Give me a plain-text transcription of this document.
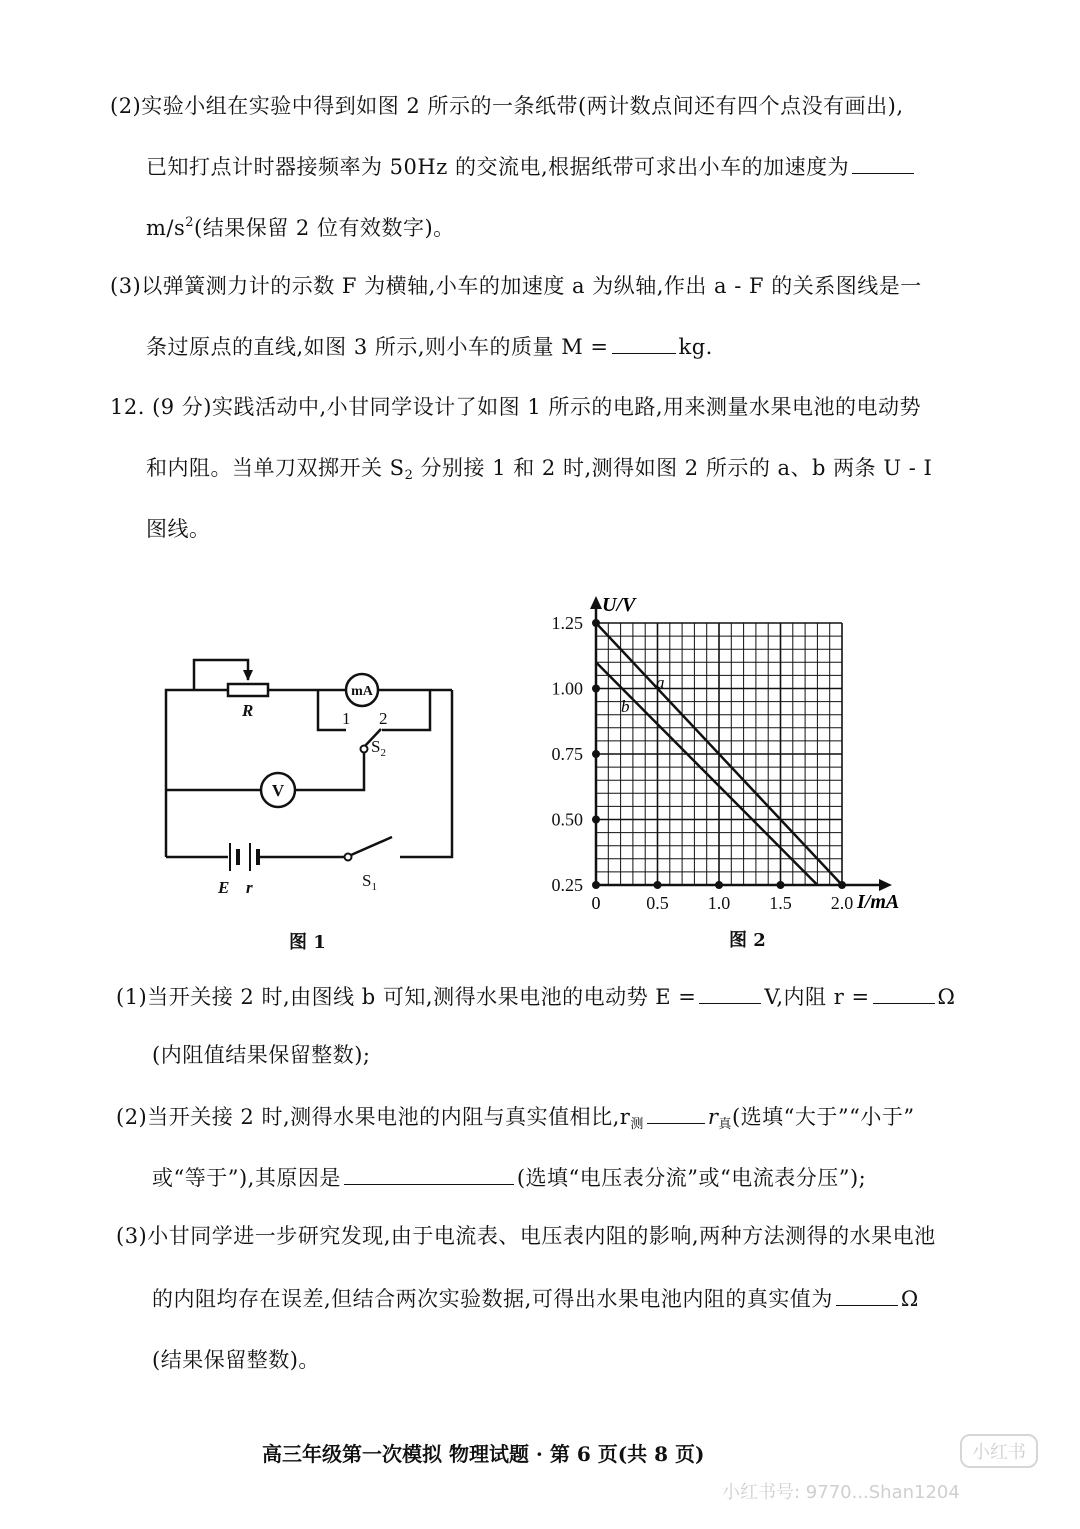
(2)实验小组在实验中得到如图 2 所示的一条纸带(两计数点间还有四个点没有画出),
已知打点计时器接频率为 50Hz 的交流电,根据纸带可求出小车的加速度为
$m/s^2$(结果保留 2 位有效数字)。
(3)以弹簧测力计的示数 F 为横轴,小车的加速度 a 为纵轴,作出 a - F 的关系图线是一
条过原点的直线,如图 3 所示,则小车的质量 M =	kg.
12. (9 分)实践活动中,小甘同学设计了如图 1 所示的电路,用来测量水果电池的电动势
和内阻。当单刀双掷开关 $S_2$ 分别接 1 和 2 时,测得如图 2 所示的 a、b 两条 U - I
图线。
R
mA
1 2
$S_2$
V
E r	$S_1$
图 1
0.5 1.0 1.5 2.0
1.25
1.00
0.75
0.50
0.25
U/V
I/mA
0
a
b
图 2
(1)当开关接 2 时,由图线 b 可知,测得水果电池的电动势 E =	V,内阻 r =	Ω
(内阻值结果保留整数);
(2)当开关接 2 时,测得水果电池的内阻与真实值相比$,r_测$	$r_真$(选填“大于”“小于”
或“等于”),其原因是	(选填“电压表分流”或“电流表分压”);
(3)小甘同学进一步研究发现,由于电流表、电压表内阻的影响,两种方法测得的水果电池
的内阻均存在误差,但结合两次实验数据,可得出水果电池内阻的真实值为	Ω
(结果保留整数)。
高三年级第一次模拟 物理试题 · 第 6 页(共 8 页)	小红书
小红书号: 9770...Shan1204
